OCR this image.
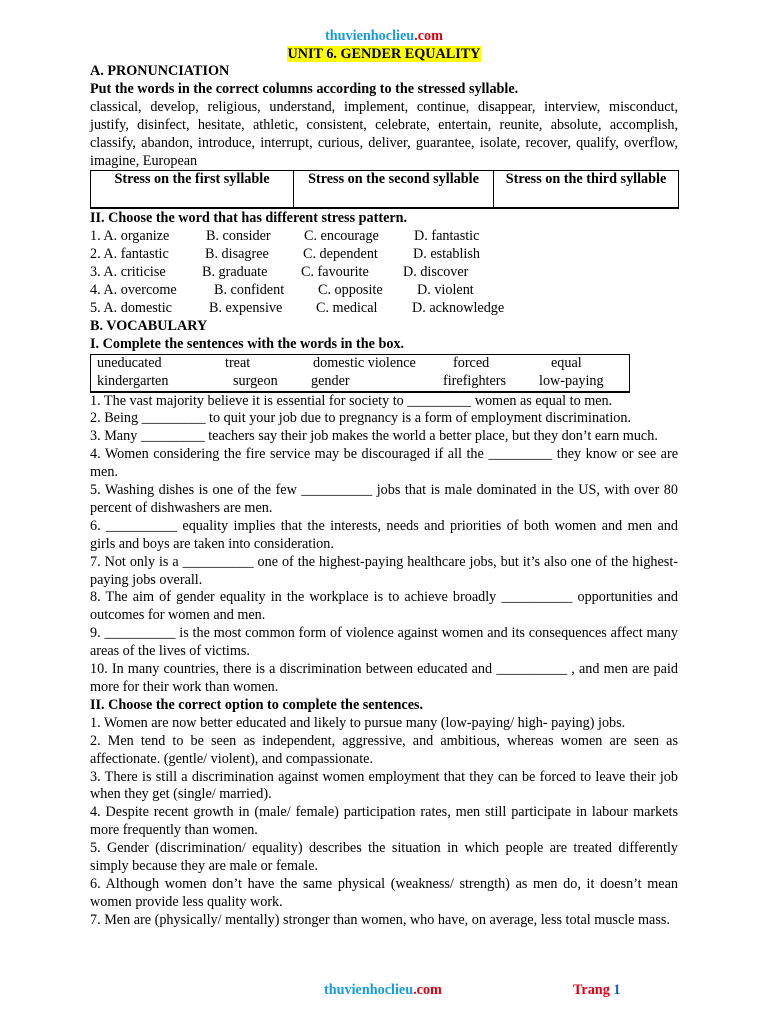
thuvienhoclieu.com
UNIT 6. GENDER EQUALITY

A. PRONUNCIATION

Put the words in the correct columns according to the stressed syllable.

classical, develop, religious, understand, implement, continue, disappear, interview, misconduct, justify, disinfect, hesitate, athletic, consistent, celebrate, entertain, reunite, absolute, accomplish, classify, abandon, introduce, interrupt, curious, deliver, guarantee, isolate, recover, qualify, overflow, imagine, European

Stress on the first syllable	Stress on the second syllable	Stress on the third syllable

II. Choose the word that has different stress pattern.

1. A. organize	B. consider	C. encourage	D. fantastic
2. A. fantastic	B. disagree	C. dependent	D. establish
3. A. criticise	B. graduate	C. favourite	D. discover
4. A. overcome	B. confident	C. opposite	D. violent
5. A. domestic	B. expensive	C. medical	D. acknowledge

B. VOCABULARY

I. Complete the sentences with the words in the box.

uneducated	treat	domestic violence	forced	equal
kindergarten	surgeon	gender	firefighters	low-paying

1. The vast majority believe it is essential for society to _________ women as equal to men.

2. Being _________ to quit your job due to pregnancy is a form of employment discrimination.

3. Many _________ teachers say their job makes the world a better place, but they don’t earn much.

4. Women considering the fire service may be discouraged if all the _________ they know or see are men.

5. Washing dishes is one of the few __________ jobs that is male dominated in the US, with over 80 percent of dishwashers are men.

6. __________ equality implies that the interests, needs and priorities of both women and men and girls and boys are taken into consideration.

7. Not only is a __________ one of the highest-paying healthcare jobs, but it’s also one of the highest-paying jobs overall.

8. The aim of gender equality in the workplace is to achieve broadly __________ opportunities and outcomes for women and men.

9. __________ is the most common form of violence against women and its consequences affect many areas of the lives of victims.

10. In many countries, there is a discrimination between educated and __________ , and men are paid more for their work than women.

II. Choose the correct option to complete the sentences.

1. Women are now better educated and likely to pursue many (low-paying/ high- paying) jobs.

2. Men tend to be seen as independent, aggressive, and ambitious, whereas women are seen as affectionate. (gentle/ violent), and compassionate.

3. There is still a discrimination against women employment that they can be forced to leave their job when they get (single/ married).

4. Despite recent growth in (male/ female) participation rates, men still participate in labour markets more frequently than women.

5. Gender (discrimination/ equality) describes the situation in which people are treated differently simply because they are male or female.

6. Although women don’t have the same physical (weakness/ strength) as men do, it doesn’t mean women provide less quality work.

7. Men are (physically/ mentally) stronger than women, who have, on average, less total muscle mass.

thuvienhoclieu.com	Trang 1
